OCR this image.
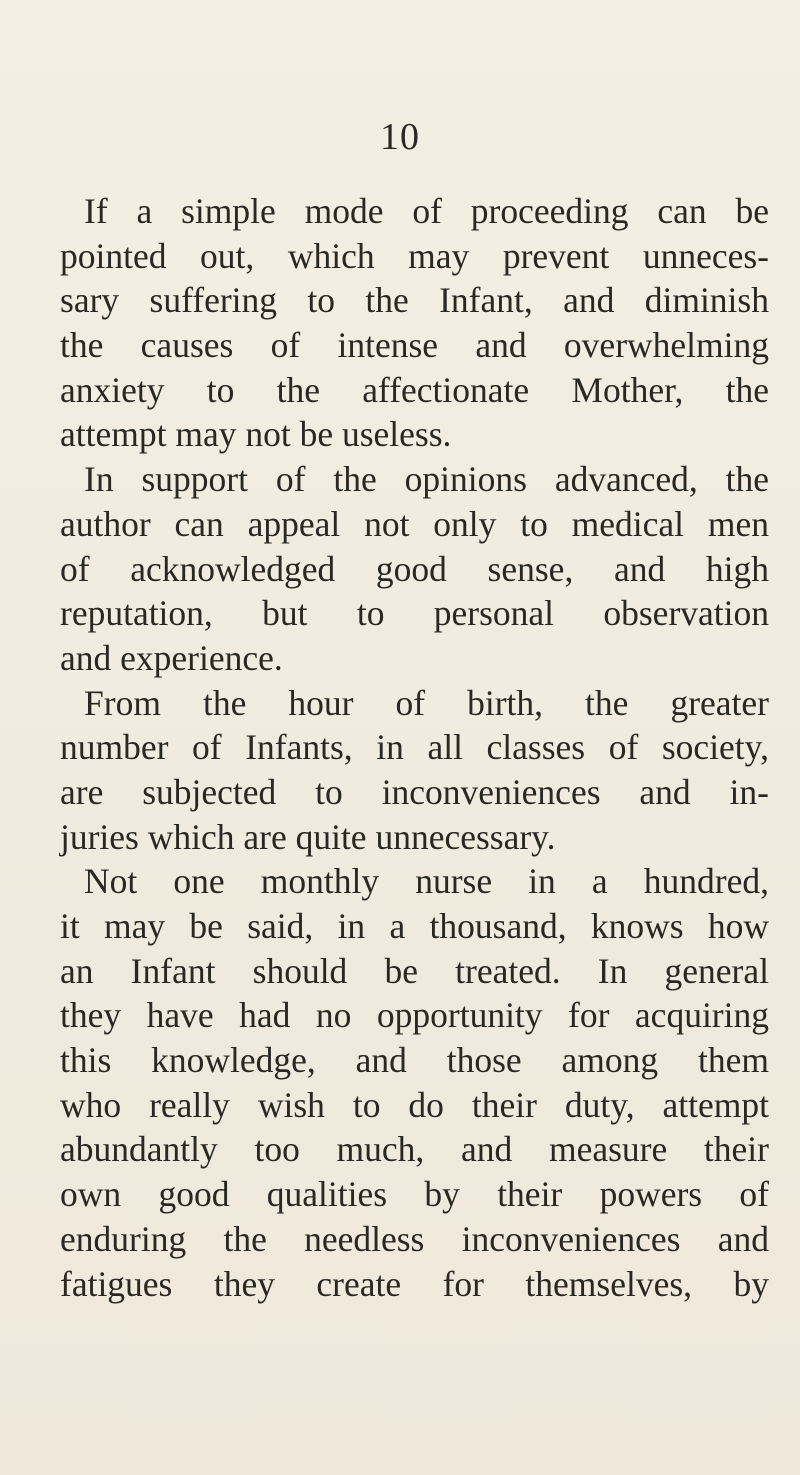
10
If a simple mode of proceeding can be
pointed out, which may prevent unneces-
sary suffering to the Infant, and diminish
the causes of intense and overwhelming
anxiety to the affectionate Mother, the
attempt may not be useless.
In support of the opinions advanced, the
author can appeal not only to medical men
of acknowledged good sense, and high
reputation, but to personal observation
and experience.
From the hour of birth, the greater
number of Infants, in all classes of society,
are subjected to inconveniences and in-
juries which are quite unnecessary.
Not one monthly nurse in a hundred,
it may be said, in a thousand, knows how
an Infant should be treated. In general
they have had no opportunity for acquiring
this knowledge, and those among them
who really wish to do their duty, attempt
abundantly too much, and measure their
own good qualities by their powers of
enduring the needless inconveniences and
fatigues they create for themselves, by
